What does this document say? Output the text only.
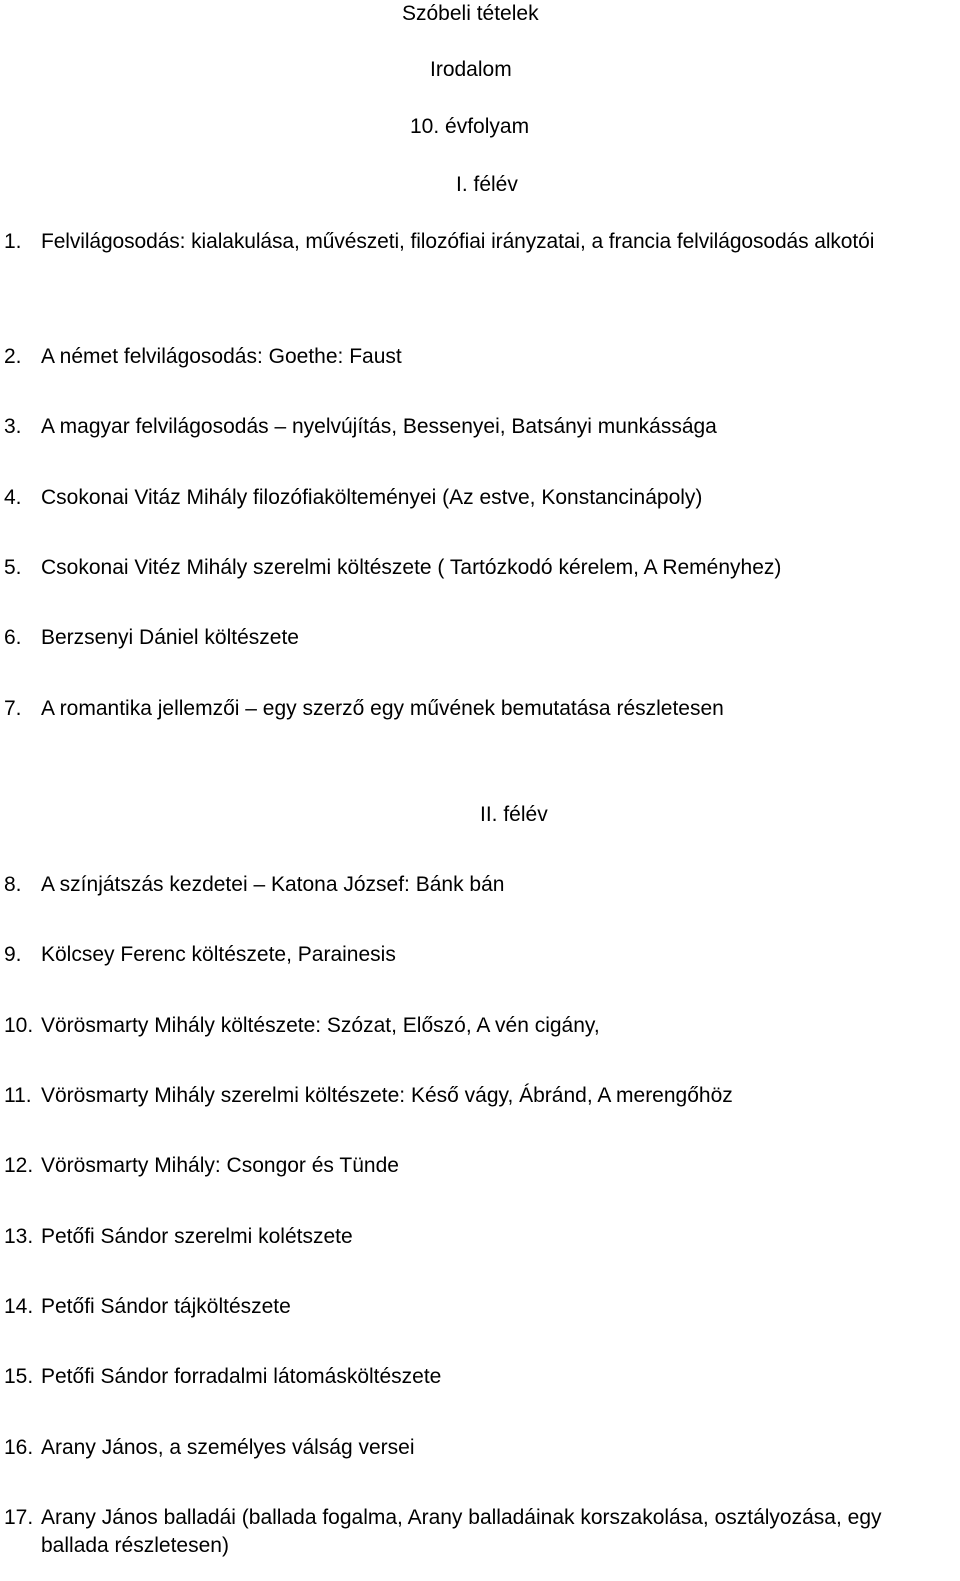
Szóbeli tételek
Irodalom
10. évfolyam
I. félév
1. Felvilágosodás: kialakulása, művészeti, filozófiai irányzatai, a francia felvilágosodás alkotói
2. A német felvilágosodás: Goethe: Faust
3. A magyar felvilágosodás – nyelvújítás, Bessenyei, Batsányi munkássága
4. Csokonai Vitáz Mihály filozófiakölteményei (Az estve, Konstancinápoly)
5. Csokonai Vitéz Mihály szerelmi költészete ( Tartózkodó kérelem, A Reményhez)
6. Berzsenyi Dániel költészete
7. A romantika jellemzői – egy szerző egy művének bemutatása részletesen
II. félév
8. A színjátszás kezdetei – Katona József: Bánk bán
9. Kölcsey Ferenc költészete, Parainesis
10. Vörösmarty Mihály költészete: Szózat, Előszó, A vén cigány,
11. Vörösmarty Mihály szerelmi költészete: Késő vágy, Ábránd, A merengőhöz
12. Vörösmarty Mihály: Csongor és Tünde
13. Petőfi Sándor szerelmi kolétszete
14. Petőfi Sándor tájköltészete
15. Petőfi Sándor forradalmi látomásköltészete
16. Arany János, a személyes válság versei
17. Arany János balladái (ballada fogalma, Arany balladáinak korszakolása, osztályozása, egy ballada részletesen)
